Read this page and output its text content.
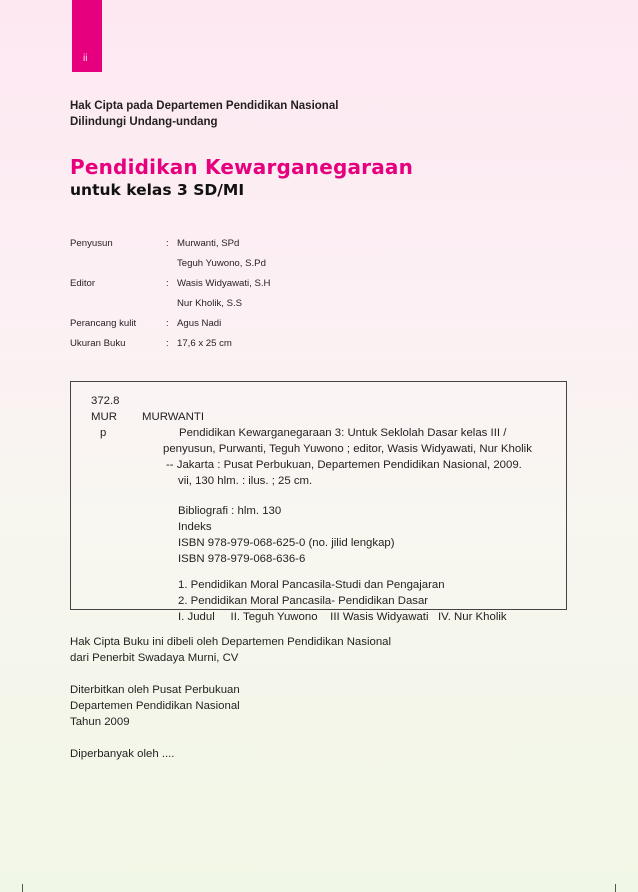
ii
Hak Cipta pada Departemen Pendidikan Nasional
Dilindungi Undang-undang
Pendidikan Kewarganegaraan
untuk kelas 3 SD/MI
Penyusun	: Murwanti, SPd
Teguh Yuwono, S.Pd
Editor	: Wasis Widyawati, S.H
Nur Kholik, S.S
Perancang kulit	: Agus Nadi
Ukuran Buku	: 17,6 x 25 cm
372.8
MUR
p
MURWANTI
Pendidikan Kewarganegaraan 3: Untuk Seklolah Dasar kelas III /
penyusun, Purwanti, Teguh Yuwono ; editor, Wasis Widyawati, Nur Kholik
-- Jakarta : Pusat Perbukuan, Departemen Pendidikan Nasional, 2009.
vii, 130 hlm. : ilus. ; 25 cm.
Bibliografi : hlm. 130
Indeks
ISBN 978-979-068-625-0 (no. jilid lengkap)
ISBN 978-979-068-636-6
1. Pendidikan Moral Pancasila-Studi dan Pengajaran
2. Pendidikan Moral Pancasila- Pendidikan Dasar
I. Judul     II. Teguh Yuwono    III Wasis Widyawati   IV. Nur Kholik

Hak Cipta Buku ini dibeli oleh Departemen Pendidikan Nasional

dari Penerbit Swadaya Murni, CV

Diterbitkan oleh Pusat Perbukuan

Departemen Pendidikan Nasional

Tahun 2009

Diperbanyak oleh ....
